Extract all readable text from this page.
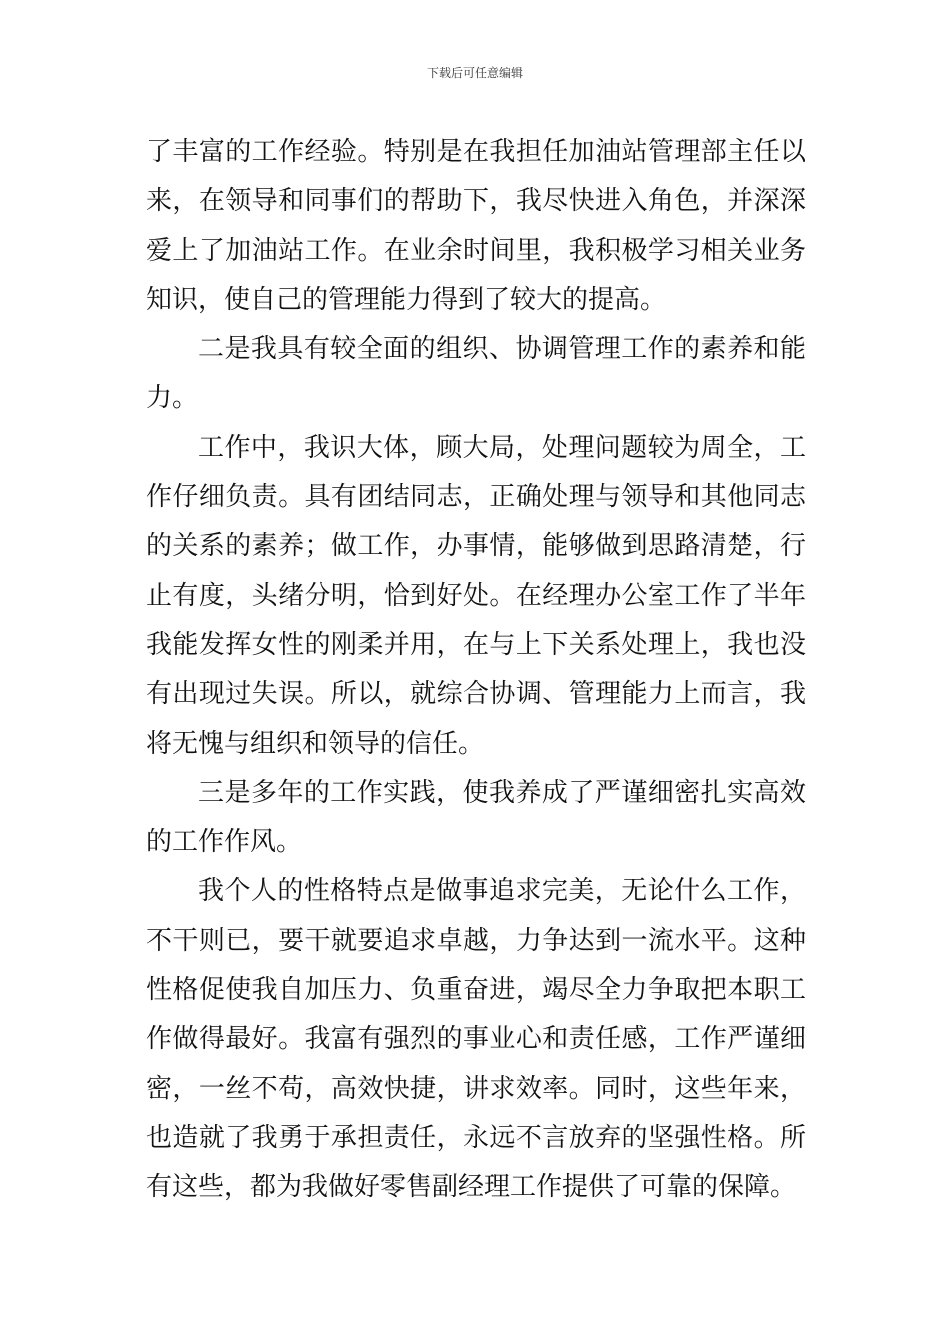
下载后可任意编辑

了丰富的工作经验。特别是在我担任加油站管理部主任以来，在领导和同事们的帮助下，我尽快进入角色，并深深爱上了加油站工作。在业余时间里，我积极学习相关业务知识，使自己的管理能力得到了较大的提高。

二是我具有较全面的组织、协调管理工作的素养和能力。

工作中，我识大体，顾大局，处理问题较为周全，工作仔细负责。具有团结同志，正确处理与领导和其他同志的关系的素养；做工作，办事情，能够做到思路清楚，行止有度，头绪分明，恰到好处。在经理办公室工作了半年我能发挥女性的刚柔并用，在与上下关系处理上，我也没有出现过失误。所以，就综合协调、管理能力上而言，我将无愧与组织和领导的信任。

三是多年的工作实践，使我养成了严谨细密扎实高效的工作作风。

我个人的性格特点是做事追求完美，无论什么工作，不干则已，要干就要追求卓越，力争达到一流水平。这种性格促使我自加压力、负重奋进，竭尽全力争取把本职工作做得最好。我富有强烈的事业心和责任感，工作严谨细密，一丝不苟，高效快捷，讲求效率。同时，这些年来，也造就了我勇于承担责任，永远不言放弃的坚强性格。所有这些，都为我做好零售副经理工作提供了可靠的保障。
